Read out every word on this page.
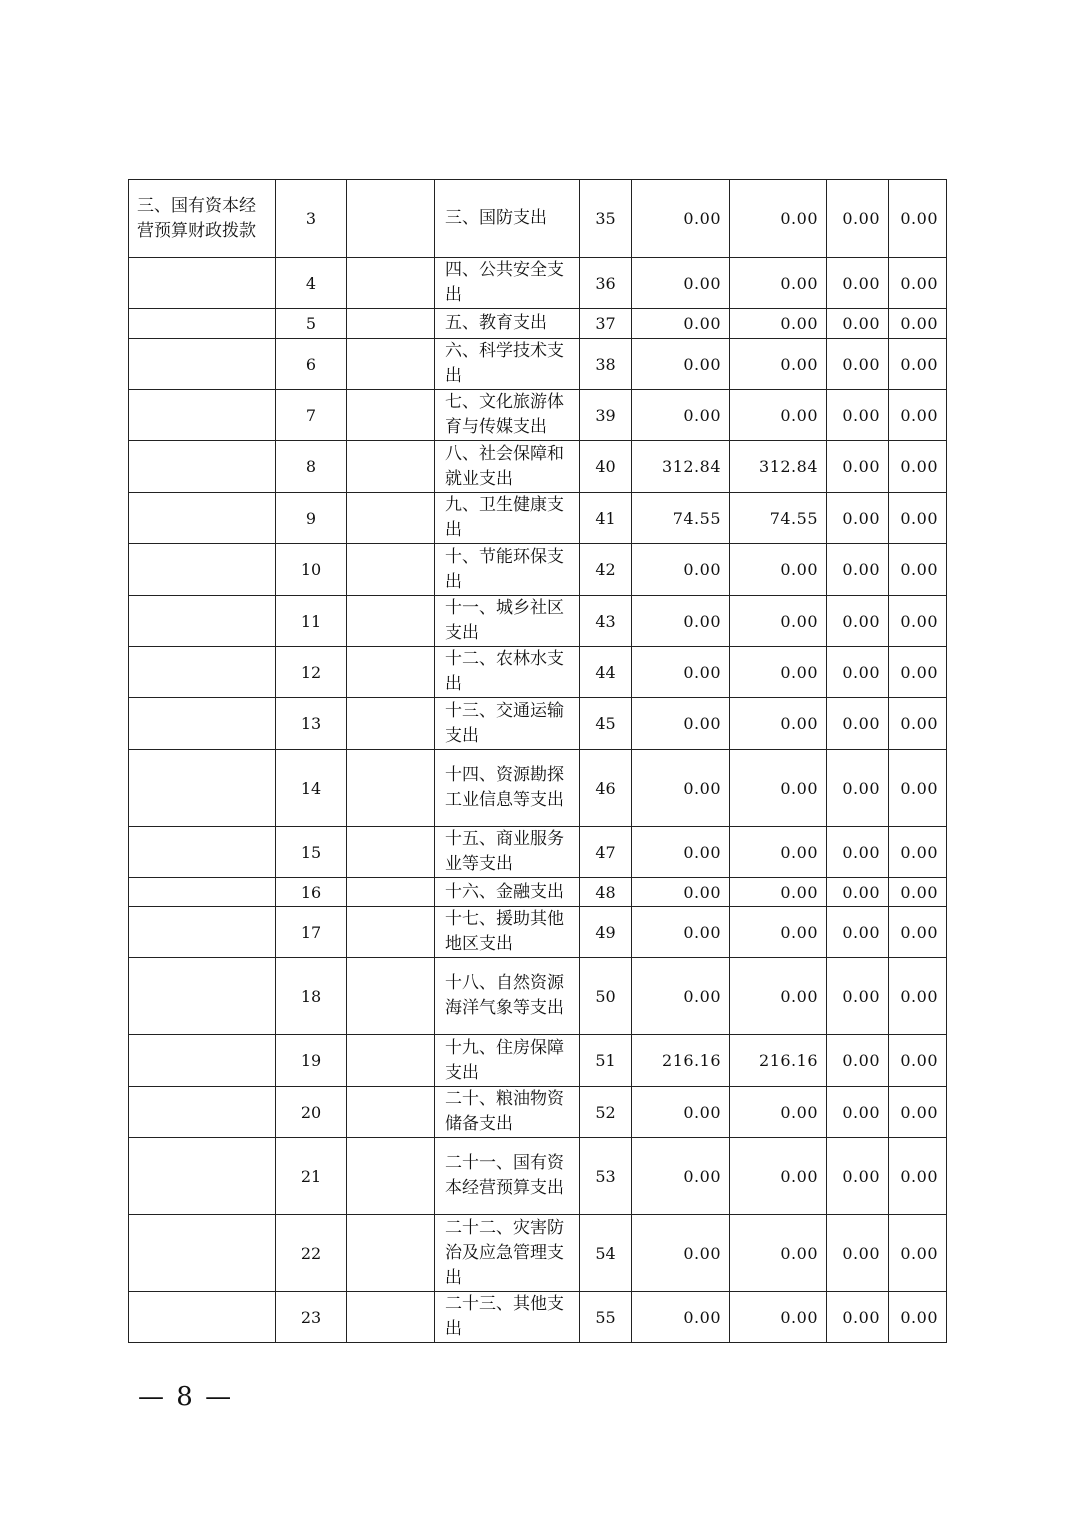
三、国有资本经营预算财政拨款	3		三、国防支出	35	0.00	0.00	0.00	0.00
	4		四、公共安全支出	36	0.00	0.00	0.00	0.00
	5		五、教育支出	37	0.00	0.00	0.00	0.00
	6		六、科学技术支出	38	0.00	0.00	0.00	0.00
	7		七、文化旅游体育与传媒支出	39	0.00	0.00	0.00	0.00
	8		八、社会保障和就业支出	40	312.84	312.84	0.00	0.00
	9		九、卫生健康支出	41	74.55	74.55	0.00	0.00
	10		十、节能环保支出	42	0.00	0.00	0.00	0.00
	11		十一、城乡社区支出	43	0.00	0.00	0.00	0.00
	12		十二、农林水支出	44	0.00	0.00	0.00	0.00
	13		十三、交通运输支出	45	0.00	0.00	0.00	0.00
	14		十四、资源勘探工业信息等支出	46	0.00	0.00	0.00	0.00
	15		十五、商业服务业等支出	47	0.00	0.00	0.00	0.00
	16		十六、金融支出	48	0.00	0.00	0.00	0.00
	17		十七、援助其他地区支出	49	0.00	0.00	0.00	0.00
	18		十八、自然资源海洋气象等支出	50	0.00	0.00	0.00	0.00
	19		十九、住房保障支出	51	216.16	216.16	0.00	0.00
	20		二十、粮油物资储备支出	52	0.00	0.00	0.00	0.00
	21		二十一、国有资本经营预算支出	53	0.00	0.00	0.00	0.00
	22		二十二、灾害防治及应急管理支出	54	0.00	0.00	0.00	0.00
	23		二十三、其他支出	55	0.00	0.00	0.00	0.00
— 8 —
